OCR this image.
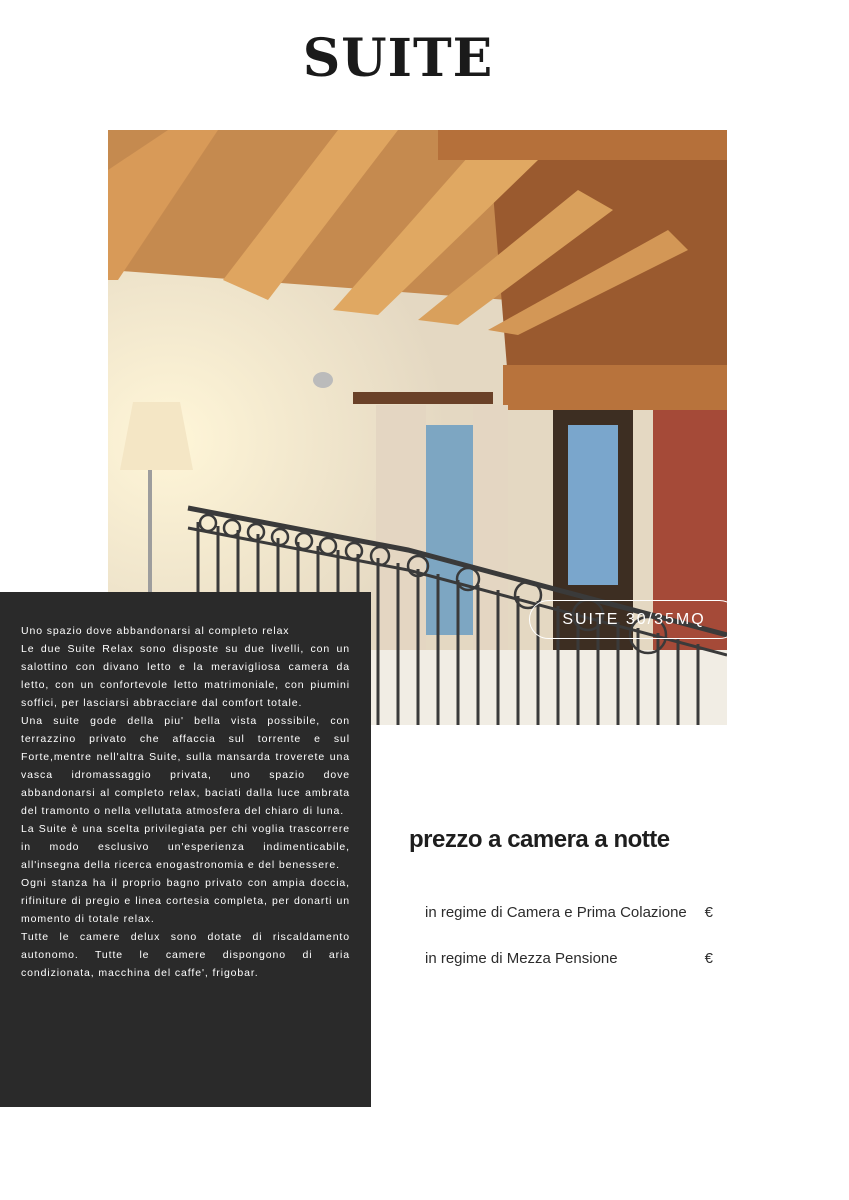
SUITE
SUITE 30/35MQ

Uno spazio dove abbandonarsi al completo relax

Le due Suite Relax sono disposte su due livelli, con un salottino con divano letto e la meravigliosa camera da letto, con un confortevole letto matrimoniale, con piumini soffici, per lasciarsi abbracciare dal comfort totale.

Una suite gode della piu' bella vista possibile, con terrazzino privato che affaccia sul torrente e sul Forte,mentre nell'altra Suite, sulla mansarda troverete una vasca idromassaggio privata, uno spazio dove abbandonarsi al completo relax, baciati dalla luce ambrata del tramonto o nella vellutata atmosfera del chiaro di luna.

La Suite è una scelta privilegiata per chi voglia trascorrere in modo esclusivo un'esperienza indimenticabile, all'insegna della ricerca enogastronomia e del benessere.

Ogni stanza ha il proprio bagno privato con ampia doccia, rifiniture di pregio e linea cortesia completa, per donarti un momento di totale relax.

Tutte le camere delux sono dotate di riscaldamento autonomo. Tutte le camere dispongono di aria condizionata, macchina del caffe', frigobar.

prezzo a camera a notte
in regime di Camera e Prima Colazione €
in regime di Mezza Pensione	€
